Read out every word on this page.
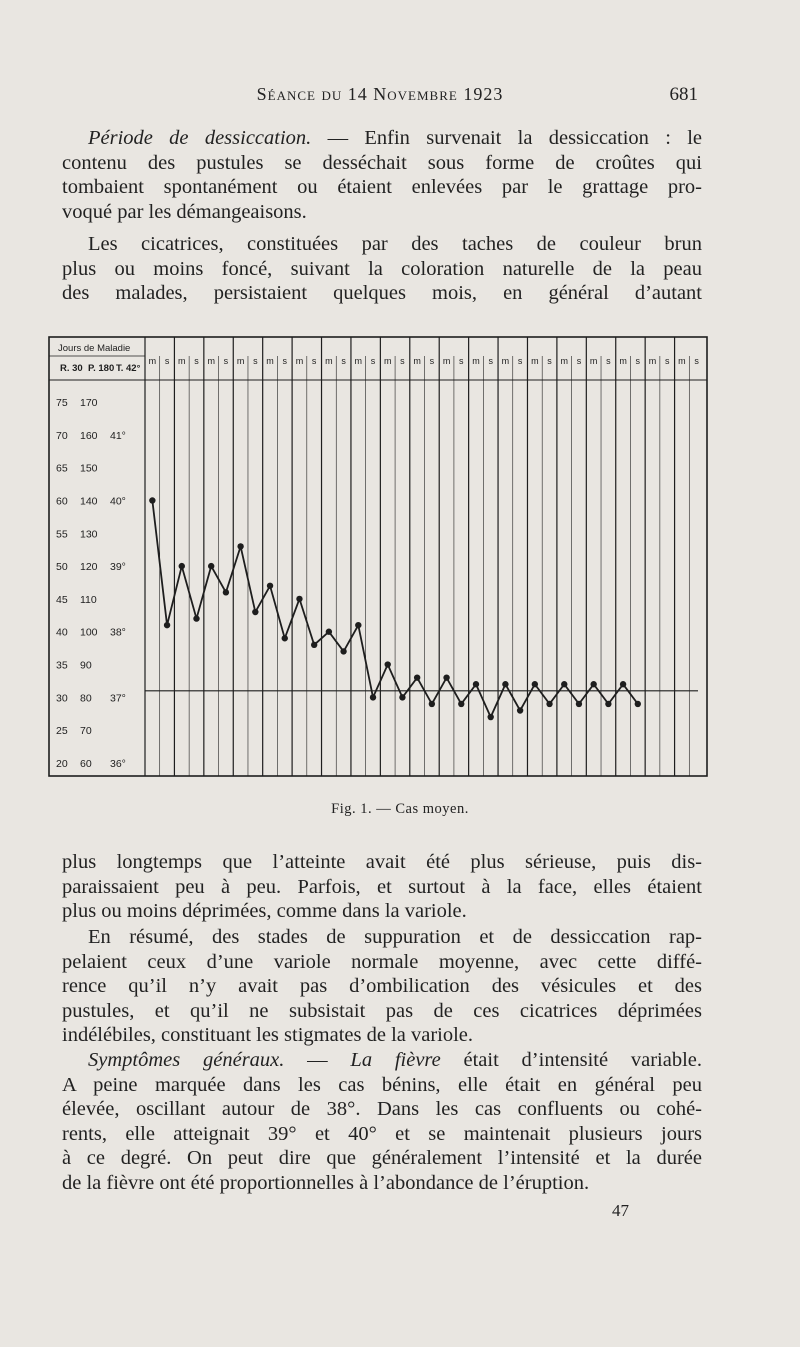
Séance du 14 Novembre 1923	681

Période de dessiccation. — Enfin survenait la dessiccation : le
contenu des pustules se desséchait sous forme de croûtes qui
tombaient spontanément ou étaient enlevées par le grattage pro-
voqué par les démangeaisons.

Les cicatrices, constituées par des taches de couleur brun
plus ou moins foncé, suivant la coloration naturelle de la peau
des malades, persistaient quelques mois, en général d’autant

Jours de Maladie
R. 30 P. 180 T. 42°
m s m s m s m s m s m s m s m s m s m s m s m s m s m s m s m s m s m s m s
75 170
70 160 41°
65 150
60 140 40°
55 130
50 120 39°
45 110
40 100 38°
35 90
30 80 37°
25 70
20 60 36°
Fig. 1. — Cas moyen.

plus longtemps que l’atteinte avait été plus sérieuse, puis dis-
paraissaient peu à peu. Parfois, et surtout à la face, elles étaient
plus ou moins déprimées, comme dans la variole.

En résumé, des stades de suppuration et de dessiccation rap-
pelaient ceux d’une variole normale moyenne, avec cette diffé-
rence qu’il n’y avait pas d’ombilication des vésicules et des
pustules, et qu’il ne subsistait pas de ces cicatrices déprimées
indélébiles, constituant les stigmates de la variole.

Symptômes généraux. — La fièvre était d’intensité variable.
A peine marquée dans les cas bénins, elle était en général peu
élevée, oscillant autour de 38°. Dans les cas confluents ou cohé-
rents, elle atteignait 39° et 40° et se maintenait plusieurs jours
à ce degré. On peut dire que généralement l’intensité et la durée
de la fièvre ont été proportionnelles à l’abondance de l’éruption.

47
